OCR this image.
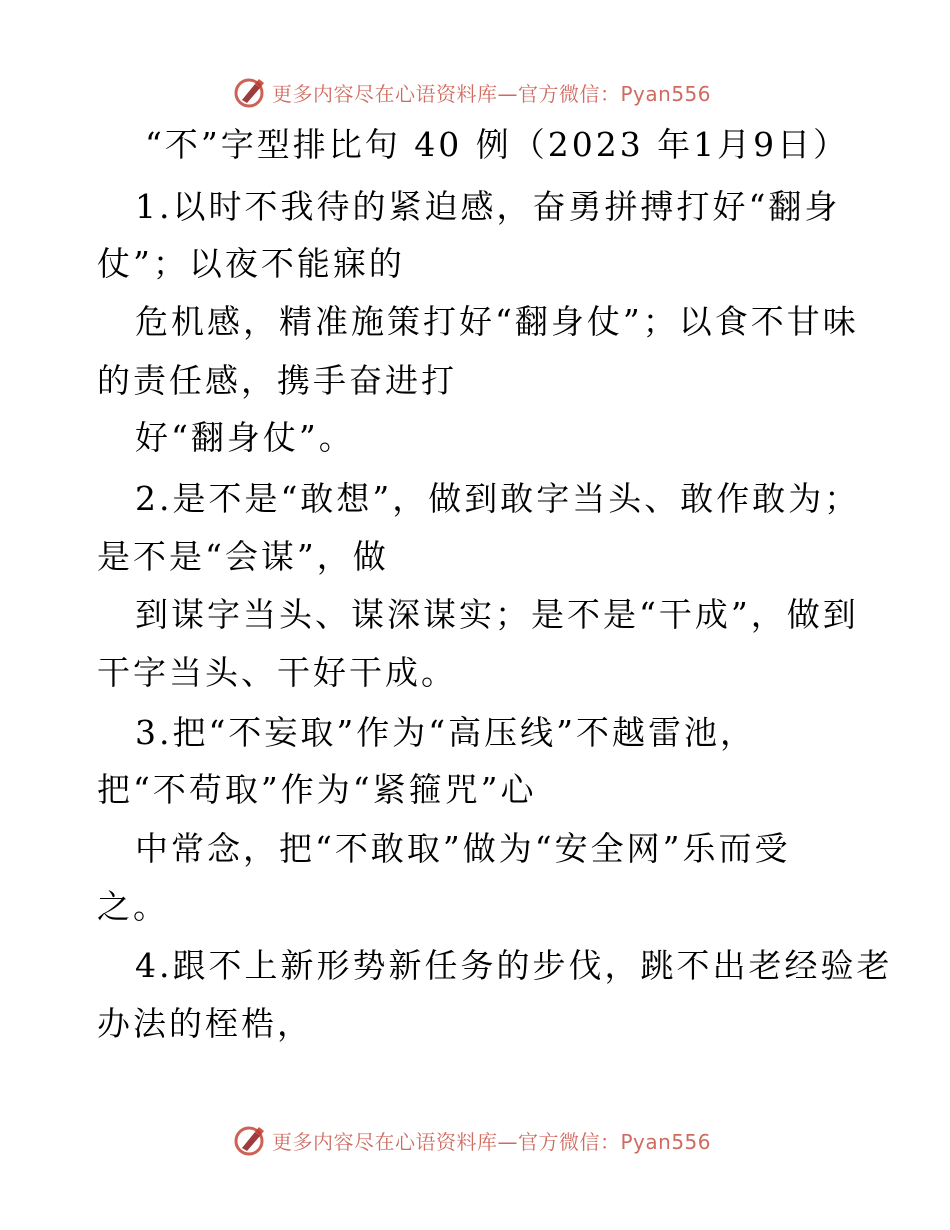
更多内容尽在心语资料库—官方微信：Pyan556
“不”字型排比句 40 例（2023 年1月9日）
1.以时不我待的紧迫感，奋勇拼搏打好“翻身
仗”；以夜不能寐的
危机感，精准施策打好“翻身仗”；以食不甘味
的责任感，携手奋进打
好“翻身仗”。
2.是不是“敢想”，做到敢字当头、敢作敢为；
是不是“会谋”，做
到谋字当头、谋深谋实；是不是“干成”，做到
干字当头、干好干成。
3.把“不妄取”作为“高压线”不越雷池，
把“不苟取”作为“紧箍咒”心
中常念，把“不敢取”做为“安全网”乐而受
之。
4.跟不上新形势新任务的步伐，跳不出老经验老
办法的桎梏，
更多内容尽在心语资料库—官方微信：Pyan556
